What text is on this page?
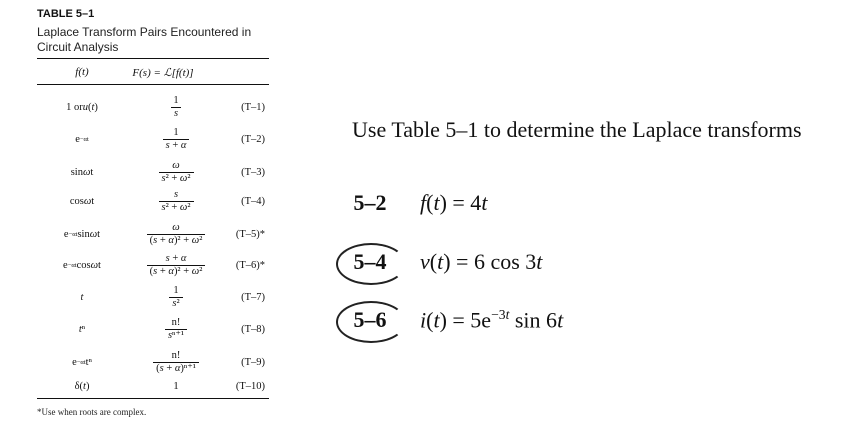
TABLE 5–1
Laplace Transform Pairs Encountered in Circuit Analysis
f(t)	F(s) = ℒ[f(t)]
1 or u ( t )	$\frac{1}{s}$	(T–1)
e −αt	$\frac{1}{s + \alpha}$	(T–2)
sin ω t	$\frac{\omega}{\text{s² + ω²}}$	(T–3)
cos ω t	$\frac{s}{\text{s² + ω²}}$	(T–4)
e −αt sin ω t	$\frac{\omega}{\text{(s + α)² + ω²}}$	(T–5)*
e −αt cos ω t	$\frac{s + \alpha}{\text{(s + α)² + ω²}}$	(T–6)*
t	$\frac{1}{\text{s²}}$	(T–7)
t ⁿ	$\frac{n!}{\text{sⁿ⁺¹}}$	(T–8)
e −αt tⁿ	$\frac{n!}{\text{(s + α)ⁿ⁺¹}}$	(T–9)
δ( t )	1	(T–10)
*Use when roots are complex.
Use Table 5–1 to determine the Laplace transforms
5–2	f(t) = 4t
5–4	v(t) = 6 cos 3t
5–6	$i(t) = 5e^{-3t}$ sin 6t
